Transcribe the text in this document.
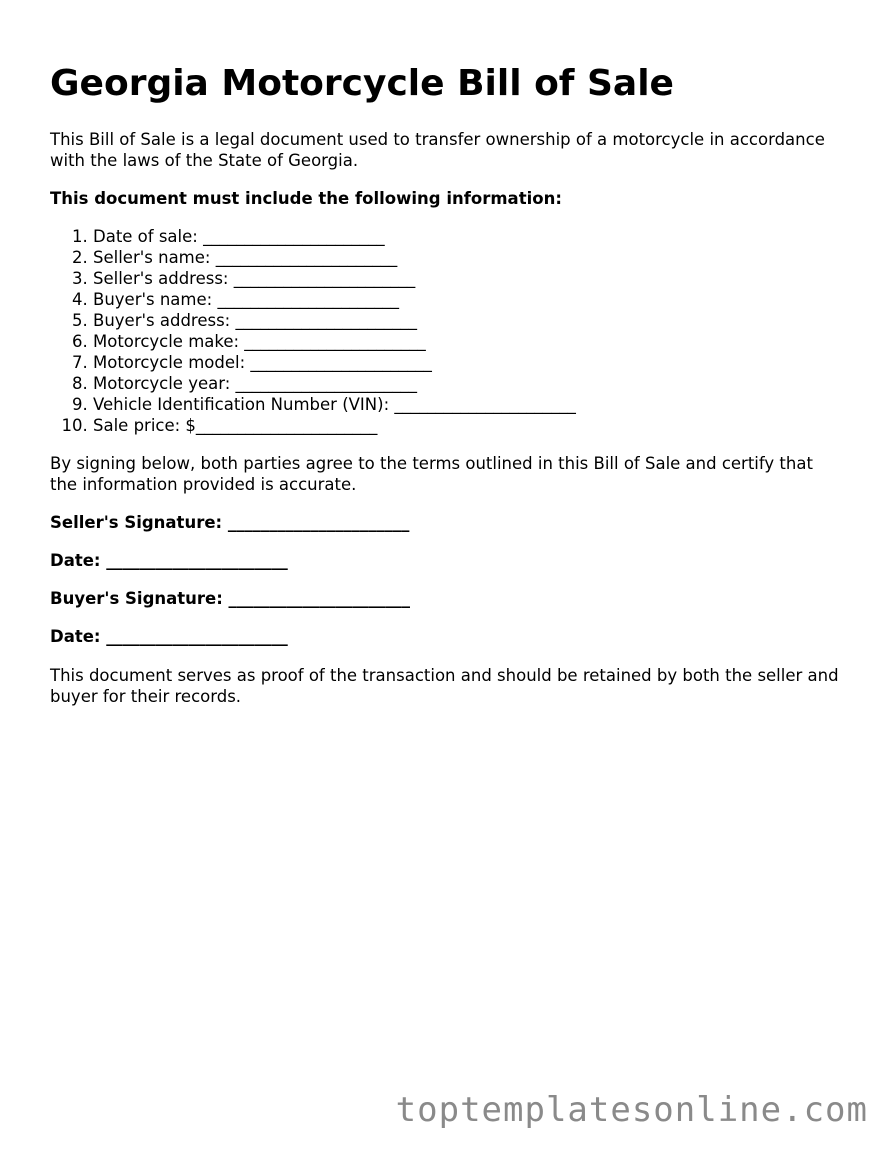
Georgia Motorcycle Bill of Sale

This Bill of Sale is a legal document used to transfer ownership of a motorcycle in accordance with the laws of the State of Georgia.

This document must include the following information:

1. Date of sale: ______________________
2. Seller's name: ______________________
3. Seller's address: ______________________
4. Buyer's name: ______________________
5. Buyer's address: ______________________
6. Motorcycle make: ______________________
7. Motorcycle model: ______________________
8. Motorcycle year: ______________________
9. Vehicle Identification Number (VIN): ______________________
10. Sale price: $______________________

By signing below, both parties agree to the terms outlined in this Bill of Sale and certify that the information provided is accurate.

Seller's Signature: ______________________

Date: ______________________

Buyer's Signature: ______________________

Date: ______________________

This document serves as proof of the transaction and should be retained by both the seller and buyer for their records.

toptemplatesonline.com
